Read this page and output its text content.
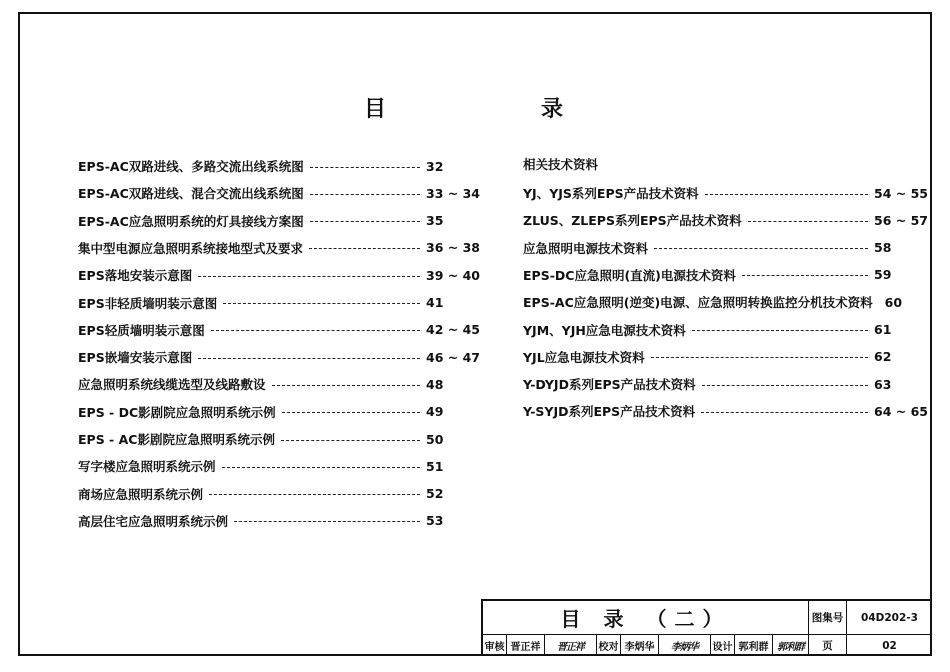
目	录
EPS-AC双路进线、多路交流出线系统图	32
EPS-AC双路进线、混合交流出线系统图	33 ~ 34
EPS-AC应急照明系统的灯具接线方案图	35
集中型电源应急照明系统接地型式及要求	36 ~ 38
EPS落地安装示意图	39 ~ 40
EPS非轻质墙明装示意图	41
EPS轻质墙明装示意图	42 ~ 45
EPS嵌墙安装示意图	46 ~ 47
应急照明系统线缆选型及线路敷设	48
EPS - DC影剧院应急照明系统示例	49
EPS - AC影剧院应急照明系统示例	50
写字楼应急照明系统示例	51
商场应急照明系统示例	52
高层住宅应急照明系统示例	53
相关技术资料
YJ、YJS系列EPS产品技术资料	54 ~ 55
ZLUS、ZLEPS系列EPS产品技术资料	56 ~ 57
应急照明电源技术资料	58
EPS-DC应急照明(直流)电源技术资料	59
EPS-AC应急照明(逆变)电源、应急照明转换监控分机技术资料 60
YJM、YJH应急电源技术资料	61
YJL应急电源技术资料	62
Y-DYJD系列EPS产品技术资料	63
Y-SYJD系列EPS产品技术资料	64 ~ 65
目 录 （二）	图集号	04D202-3
页	02
审核 晋正祥	晋正祥	校对 李炳华	李炳华	设计 郭利群 郭利群
